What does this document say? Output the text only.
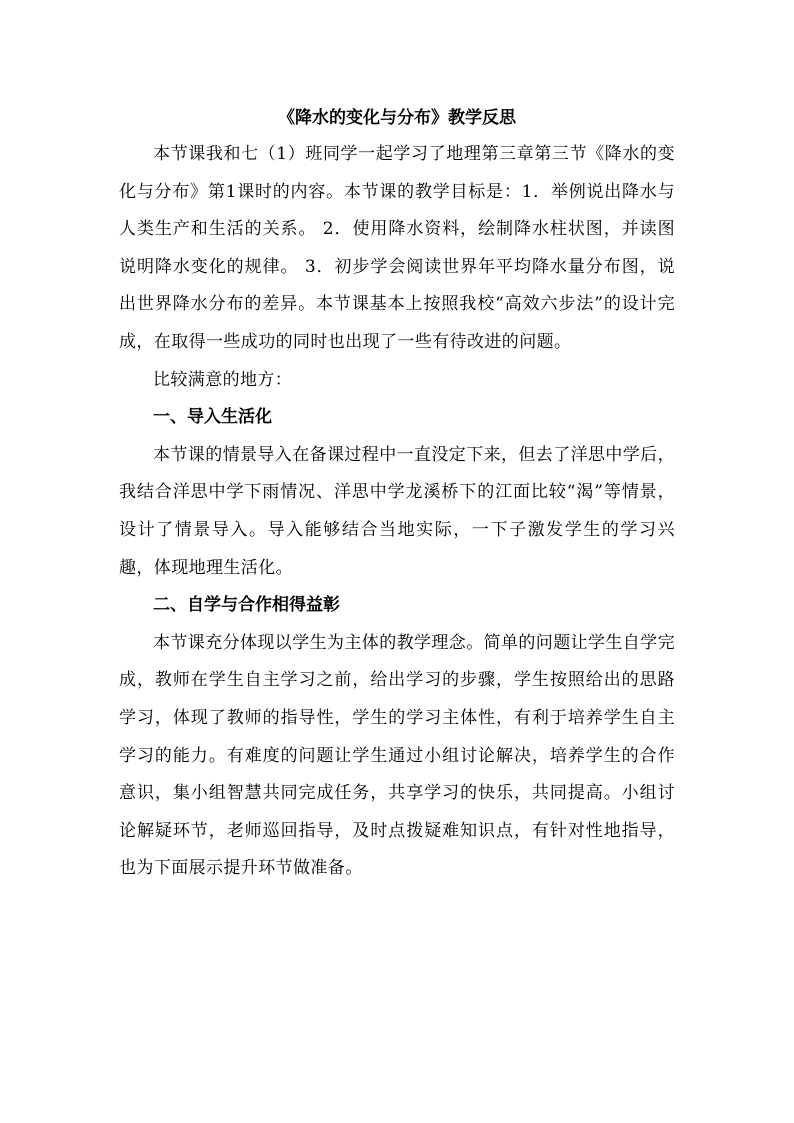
《降水的变化与分布》教学反思

本节课我和七（1）班同学一起学习了地理第三章第三节《降水的变化与分布》第1课时的内容。本节课的教学目标是：1．举例说出降水与人类生产和生活的关系。 2．使用降水资料，绘制降水柱状图，并读图说明降水变化的规律。 3．初步学会阅读世界年平均降水量分布图，说出世界降水分布的差异。本节课基本上按照我校“高效六步法”的设计完成，在取得一些成功的同时也出现了一些有待改进的问题。

比较满意的地方：

一、导入生活化

本节课的情景导入在备课过程中一直没定下来，但去了洋思中学后，我结合洋思中学下雨情况、洋思中学龙溪桥下的江面比较“渴”等情景，设计了情景导入。导入能够结合当地实际，一下子激发学生的学习兴趣，体现地理生活化。

二、自学与合作相得益彰

本节课充分体现以学生为主体的教学理念。简单的问题让学生自学完成，教师在学生自主学习之前，给出学习的步骤，学生按照给出的思路学习，体现了教师的指导性，学生的学习主体性，有利于培养学生自主学习的能力。有难度的问题让学生通过小组讨论解决，培养学生的合作意识，集小组智慧共同完成任务，共享学习的快乐，共同提高。小组讨论解疑环节，老师巡回指导，及时点拨疑难知识点，有针对性地指导，也为下面展示提升环节做准备。
